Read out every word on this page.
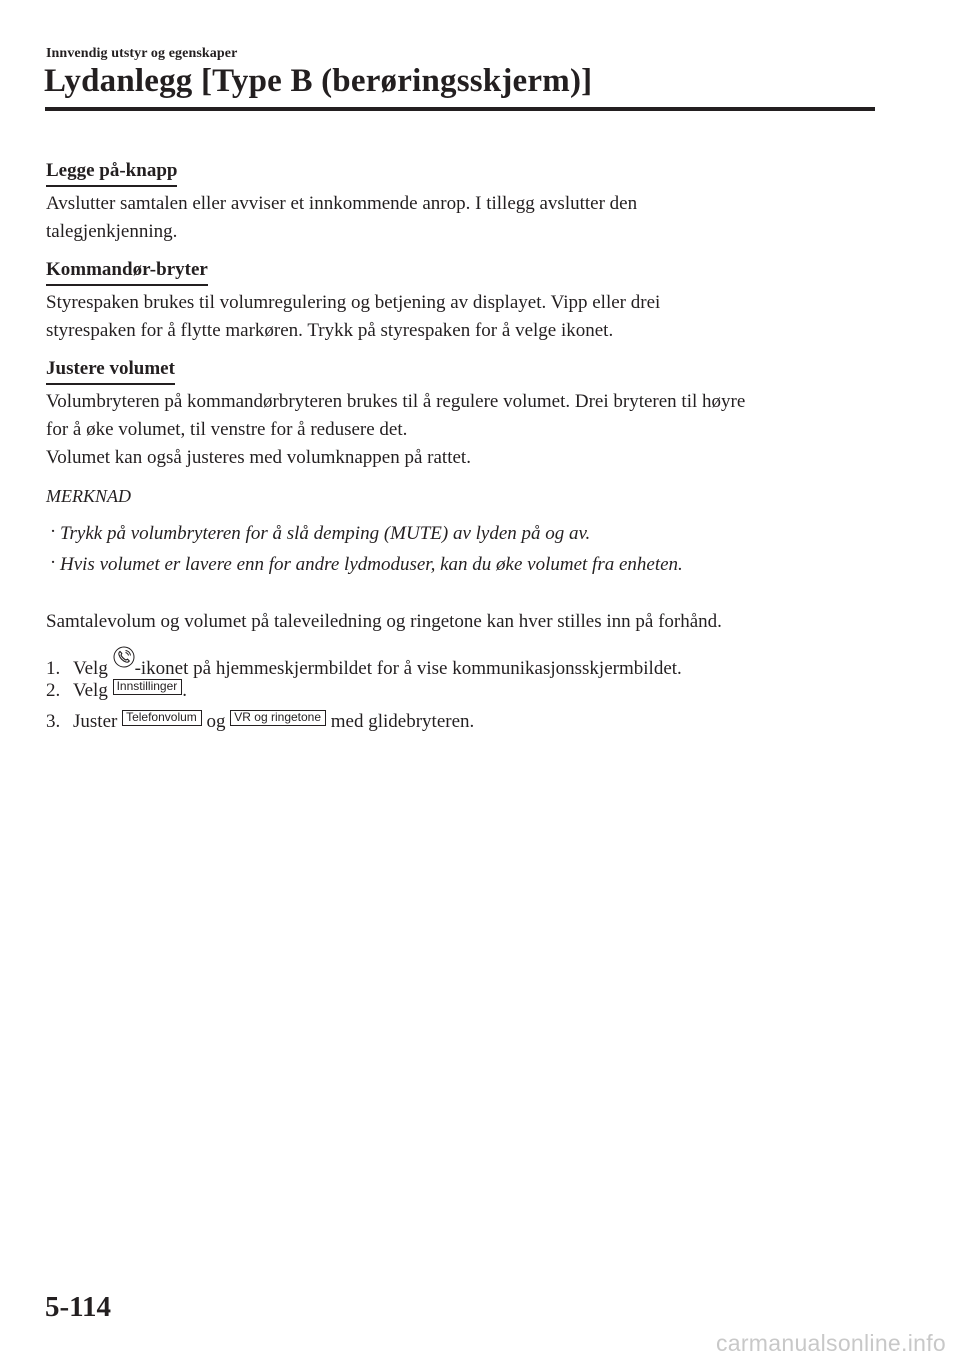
Innvendig utstyr og egenskaper
Lydanlegg [Type B (berøringsskjerm)]
Legge på-knapp
Avslutter samtalen eller avviser et innkommende anrop. I tillegg avslutter den
talegjenkjenning.
Kommandør-bryter
Styrespaken brukes til volumregulering og betjening av displayet. Vipp eller drei
styrespaken for å flytte markøren. Trykk på styrespaken for å velge ikonet.
Justere volumet
Volumbryteren på kommandørbryteren brukes til å regulere volumet. Drei bryteren til høyre
for å øke volumet, til venstre for å redusere det.
Volumet kan også justeres med volumknappen på rattet.
MERKNAD
· Trykk på volumbryteren for å slå demping (MUTE) av lyden på og av.
· Hvis volumet er lavere enn for andre lydmoduser, kan du øke volumet fra enheten.
Samtalevolum og volumet på taleveiledning og ringetone kan hver stilles inn på forhånd.
1. Velg -ikonet på hjemmeskjermbildet for å vise kommunikasjonsskjermbildet.
2. Velg Innstillinger .
3. Juster Telefonvolum og VR og ringetone med glidebryteren.
5-114
carmanualsonline.info
